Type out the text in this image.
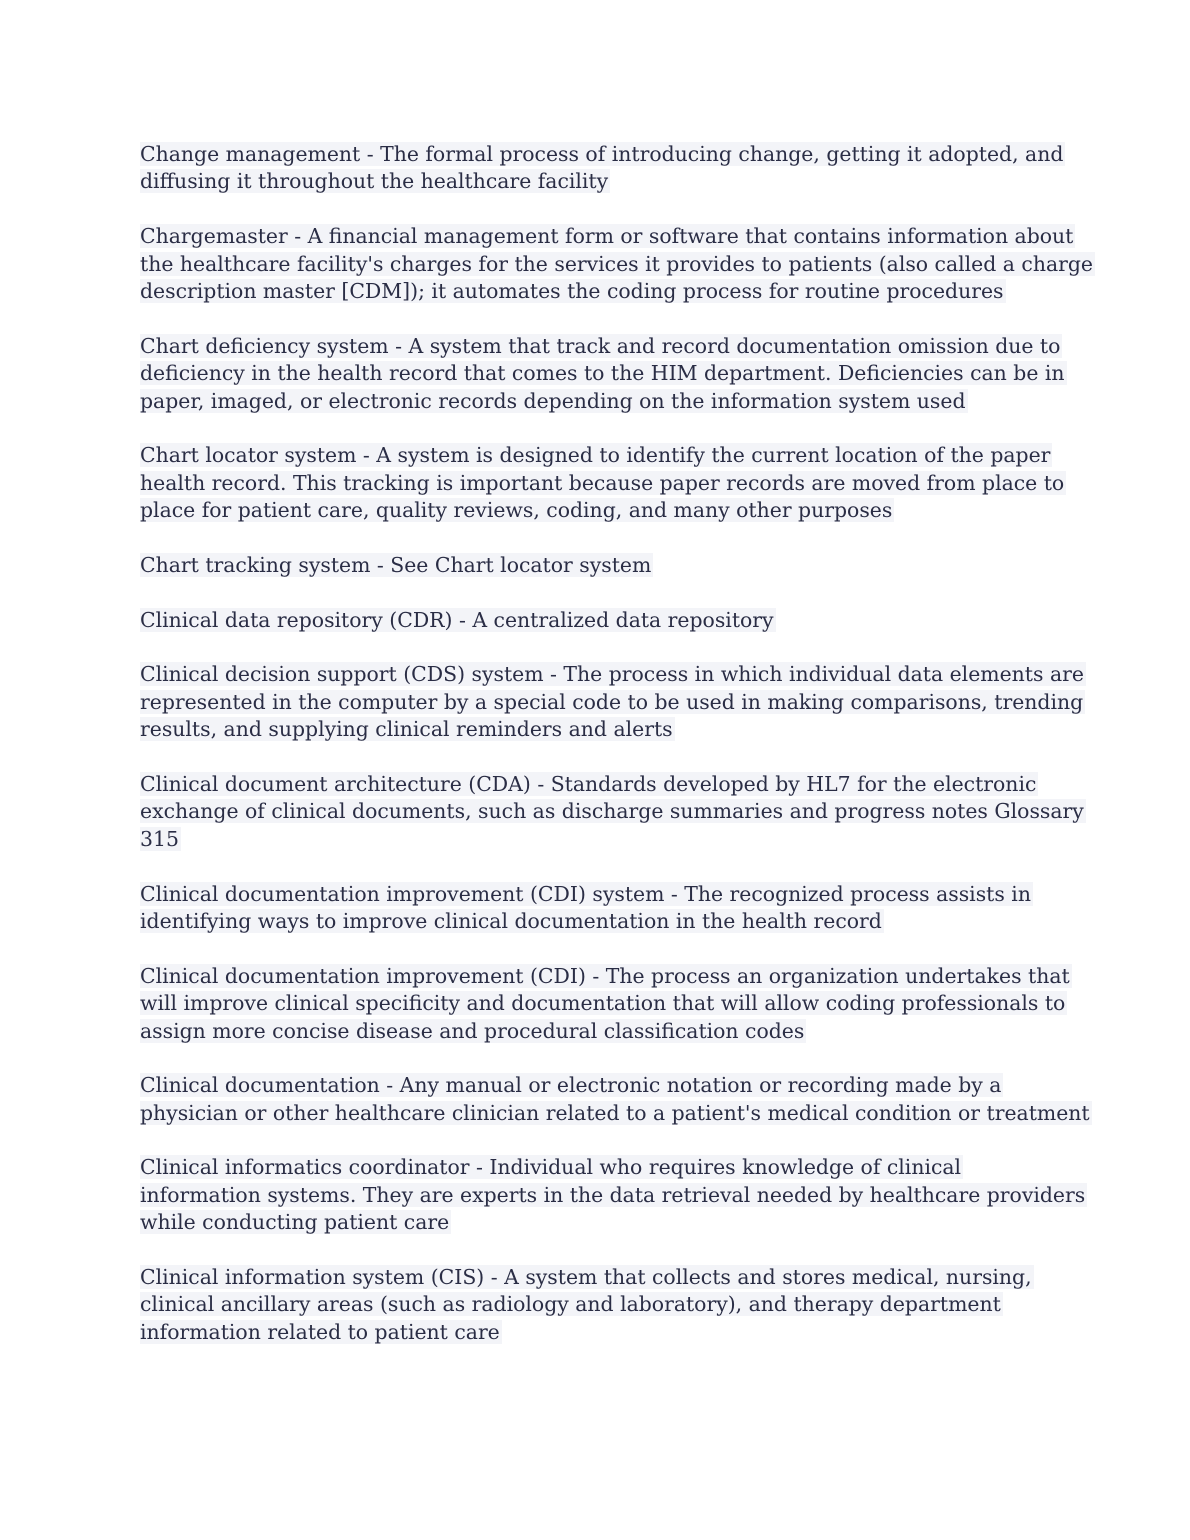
Change management - The formal process of introducing change, getting it adopted, and
diffusing it throughout the healthcare facility
Chargemaster - A financial management form or software that contains information about
the healthcare facility's charges for the services it provides to patients (also called a charge
description master [CDM]); it automates the coding process for routine procedures
Chart deficiency system - A system that track and record documentation omission due to
deficiency in the health record that comes to the HIM department. Deficiencies can be in
paper, imaged, or electronic records depending on the information system used
Chart locator system - A system is designed to identify the current location of the paper
health record. This tracking is important because paper records are moved from place to
place for patient care, quality reviews, coding, and many other purposes
Chart tracking system - See Chart locator system
Clinical data repository (CDR) - A centralized data repository
Clinical decision support (CDS) system - The process in which individual data elements are
represented in the computer by a special code to be used in making comparisons, trending
results, and supplying clinical reminders and alerts
Clinical document architecture (CDA) - Standards developed by HL7 for the electronic
exchange of clinical documents, such as discharge summaries and progress notes Glossary
315
Clinical documentation improvement (CDI) system - The recognized process assists in
identifying ways to improve clinical documentation in the health record
Clinical documentation improvement (CDI) - The process an organization undertakes that
will improve clinical specificity and documentation that will allow coding professionals to
assign more concise disease and procedural classification codes
Clinical documentation - Any manual or electronic notation or recording made by a
physician or other healthcare clinician related to a patient's medical condition or treatment
Clinical informatics coordinator - Individual who requires knowledge of clinical
information systems. They are experts in the data retrieval needed by healthcare providers
while conducting patient care
Clinical information system (CIS) - A system that collects and stores medical, nursing,
clinical ancillary areas (such as radiology and laboratory), and therapy department
information related to patient care
